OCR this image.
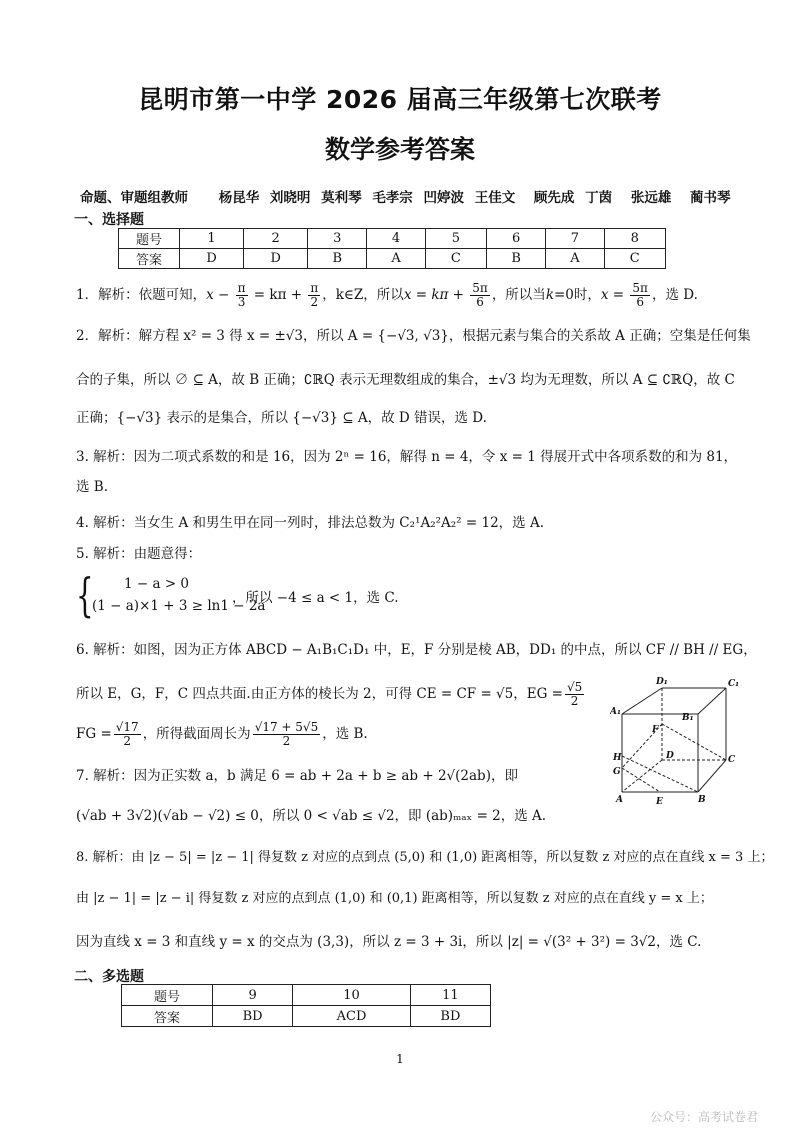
昆明市第一中学 2026 届高三年级第七次联考
数学参考答案
命题、审题组教师 杨昆华 刘晓明 莫利琴 毛孝宗 凹婷波 王佳文 顾先成 丁茵 张远雄 蔺书琴
一、选择题
题号	1	2	3	4	5	6	7	8
答案	D	D	B	A	C	B	A	C
1．解析：依题可知，$x - \frac{\pi}{3} = k\pi + \frac{\pi}{2}$ ，k∈Z，所以$x = k\pi + \frac{5\pi}{6}$ ，所以当k=0时，$x = \frac{5\pi}{6}$ ，选 D.
2．解析：解方程 x² = 3 得 x = ±√3，所以 A = {−√3, √3}，根据元素与集合的关系故 A 正确；空集是任何集
合的子集，所以 ∅ ⊆ A，故 B 正确；∁ℝQ 表示无理数组成的集合，±√3 均为无理数，所以 A ⊆ ∁ℝQ，故 C
正确；{−√3} 表示的是集合，所以 {−√3} ⊆ A，故 D 错误，选 D.
3. 解析：因为二项式系数的和是 16，因为 2ⁿ = 16，解得 n = 4，令 x = 1 得展开式中各项系数的和为 81，
选 B.
4. 解析：当女生 A 和男生甲在同一列时，排法总数为 C₂¹A₂²A₂² = 12，选 A.
5. 解析：由题意得：
{ 1 − a > 0
(1 − a)×1 + 3 ≥ ln1 − 2a
，所以 −4 ≤ a < 1，选 C.
6. 解析：如图，因为正方体 ABCD − A₁B₁C₁D₁ 中，E，F 分别是棱 AB，DD₁ 的中点，所以 CF // BH // EG，
所以 E，G，F，C 四点共面.由正方体的棱长为 2，可得 CE = CF = √5，EG = $\frac{√5}{2}$
FG = $\frac{√17}{2}$ ，所得截面周长为 $\frac{√17 + 5√5}{2}$ ，选 B.
D₁	C₁
A₁
B₁
F
D
H	C
G
A	E	B
7. 解析：因为正实数 a，b 满足 6 = ab + 2a + b ≥ ab + 2√(2ab)，即
(√ab + 3√2)(√ab − √2) ≤ 0，所以 0 < √ab ≤ √2，即 (ab)ₘₐₓ = 2，选 A.
8. 解析：由 |z − 5| = |z − 1| 得复数 z 对应的点到点 (5,0) 和 (1,0) 距离相等，所以复数 z 对应的点在直线 x = 3 上；
由 |z − 1| = |z − i| 得复数 z 对应的点到点 (1,0) 和 (0,1) 距离相等，所以复数 z 对应的点在直线 y = x 上；
因为直线 x = 3 和直线 y = x 的交点为 (3,3)，所以 z = 3 + 3i，所以 |z| = √(3² + 3²) = 3√2，选 C.
二、多选题
题号	9	10	11
答案	BD	ACD	BD
1
公众号：高考试卷君
